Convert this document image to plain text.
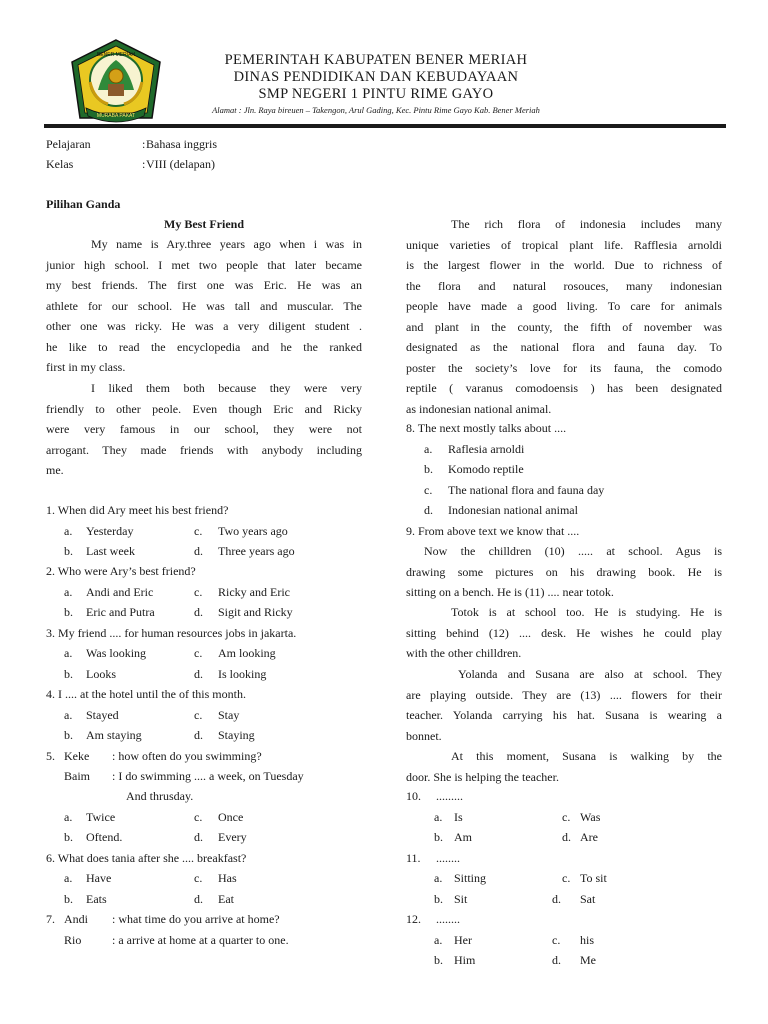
BENER MERIAH
MURABA PAKAT
PEMERINTAH KABUPATEN BENER MERIAH
DINAS PENDIDIKAN DAN KEBUDAYAAN
SMP NEGERI 1 PINTU RIME GAYO
Alamat : Jln. Raya bireuen – Takengon, Arul Gading, Kec. Pintu Rime Gayo Kab. Bener Meriah
Pelajaran	: Bahasa inggris
Kelas	: VIII (delapan)
Pilihan Ganda
My Best Friend
My name is Ary.three years ago when i was in
junior high school. I met two people that later became
my best friends. The first one was Eric. He was an
athlete for our school. He was tall and muscular. The
other one was ricky. He was a very diligent student .
he like to read the encyclopedia and he the ranked
first in my class.
I liked them both because they were very
friendly to other peole. Even though Eric and Ricky
were very famous in our school, they were not
arrogant. They made friends with anybody including
me.
1. When did Ary meet his best friend?
a. Yesterday	c. Two years ago
b. Last week	d. Three years ago
2. Who were Ary’s best friend?
a. Andi and Eric	c. Ricky and Eric
b. Eric and Putra	d. Sigit and Ricky
3. My friend .... for human resources jobs in jakarta.
a. Was looking	c. Am looking
b. Looks	d. Is looking
4. I .... at the hotel until the of this month.
a. Stayed	c. Stay
b. Am staying	d. Staying
5. Keke : how often do you swimming?
Baim : I do swimming .... a week, on Tuesday
And thrusday.
a. Twice	c. Once
b. Oftend.	d. Every
6. What does tania after she .... breakfast?
a. Have	c. Has
b. Eats	d. Eat
7. Andi : what time do you arrive at home?
Rio	: a arrive at home at a quarter to one.
The rich flora of indonesia includes many
unique varieties of tropical plant life. Rafflesia arnoldi
is the largest flower in the world. Due to richness of
the flora and natural rosouces, many indonesian
people have made a good living. To care for animals
and plant in the county, the fifth of november was
designated as the national flora and fauna day. To
poster the society’s love for its fauna, the comodo
reptile ( varanus comodoensis ) has been designated
as indonesian national animal.
8. The next mostly talks about ....
a. Raflesia arnoldi
b. Komodo reptile
c. The national flora and fauna day
d. Indonesian national animal
9. From above text we know that ....
Now the chilldren (10) ..... at school. Agus is
drawing some pictures on his drawing book. He is
sitting on a bench. He is (11) .... near totok.
Totok is at school too. He is studying. He is
sitting behind (12) .... desk. He wishes he could play
with the other chilldren.
Yolanda and Susana are also at school. They
are playing outside. They are (13) .... flowers for their
teacher. Yolanda carrying his hat. Susana is wearing a
bonnet.
At this moment, Susana is walking by the
door. She is helping the teacher.
10. .........
a. Is	c. Was
b. Am	d. Are
11. ........
a. Sitting	c. To sit
b. Sit	d. Sat
12. ........
a. Her	c. his
b. Him	d. Me
